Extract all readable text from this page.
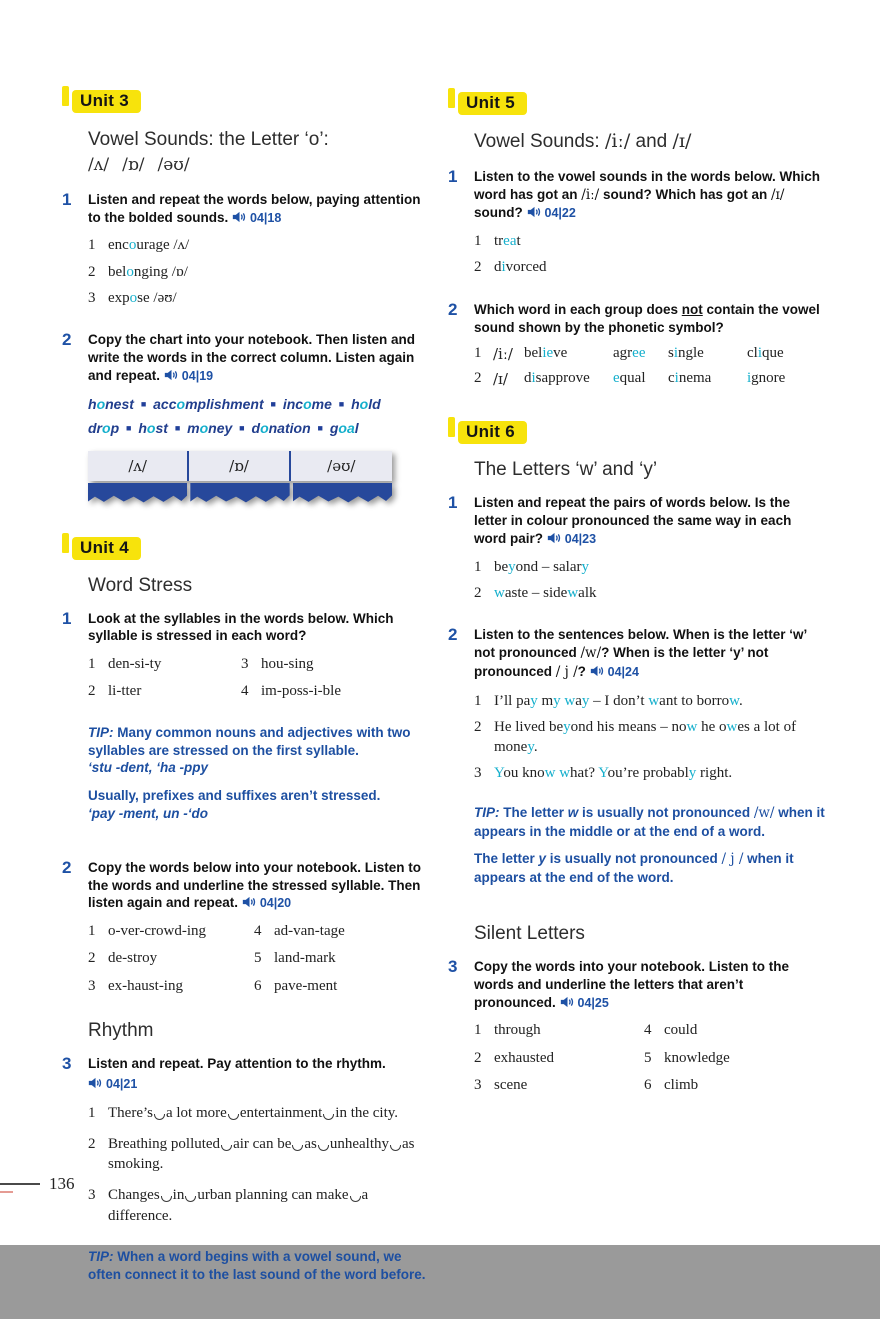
Unit 3
Vowel Sounds: the Letter ‘o’:
/ʌ/ /ɒ/ /əʊ/
1	Listen and repeat the words below, paying attention to the bolded sounds. 04|18

1 encourage /ʌ/
2 belonging /ɒ/
3 expose /əʊ/
2	Copy the chart into your notebook. Then listen and write the words in the correct column. Listen again and repeat. 04|19

honest ■ accomplishment ■ income ■ hold

drop ■ host ■ money ■ donation ■ goal

/ʌ/	/ɒ/	/əʊ/
Unit 4
Word Stress
1	Look at the syllables in the words below. Which syllable is stressed in each word?

1 den-si-ty	3 hou-sing
2 li-tter	4 im-poss-i-ble

TIP: Many common nouns and adjectives with two syllables are stressed on the first syllable.
‘stu -dent, ‘ha -ppy

Usually, prefixes and suffixes aren’t stressed.
‘pay -ment, un -‘do

2	Copy the words below into your notebook. Listen to the words and underline the stressed syllable. Then listen again and repeat. 04|20

1 o-ver-crowd-ing	4 ad-van-tage
2 de-stroy	5 land-mark
3 ex-haust-ing	6 pave-ment
Rhythm
3	Listen and repeat. Pay attention to the rhythm.

04|21

1 There’s a lot more entertainment in the city.
2 Breathing polluted air can be as unhealthy as smoking.
3 Changes in urban planning can make a difference.

TIP: When a word begins with a vowel sound, we often connect it to the last sound of the word before.

Unit 5
Vowel Sounds: /iː/ and /ɪ/
1	Listen to the vowel sounds in the words below. Which word has got an /iː/ sound? Which has got an /ɪ/ sound? 04|22

1 treat
2 divorced
2	Which word in each group does not contain the vowel sound shown by the phonetic symbol?

1 /iː/ believe	agree	single	clique
2 /ɪ/	disapprove	equal	cinema	ignore
Unit 6
The Letters ‘w’ and ‘y’
1	Listen and repeat the pairs of words below. Is the letter in colour pronounced the same way in each word pair? 04|23

1 beyond – salary
2 waste – sidewalk
2	Listen to the sentences below. When is the letter ‘w’ not pronounced /w/? When is the letter ‘y’ not pronounced / j /? 04|24

1 I’ll pay my way – I don’t want to borrow.
2 He lived beyond his means – now he owes a lot of money.
3 You know what? You’re probably right.

TIP: The letter w is usually not pronounced /w/ when it appears in the middle or at the end of a word.

The letter y is usually not pronounced / j / when it appears at the end of the word.

Silent Letters
3	Copy the words into your notebook. Listen to the words and underline the letters that aren’t pronounced. 04|25

1 through	4 could
2 exhausted	5 knowledge
3 scene	6 climb
136
